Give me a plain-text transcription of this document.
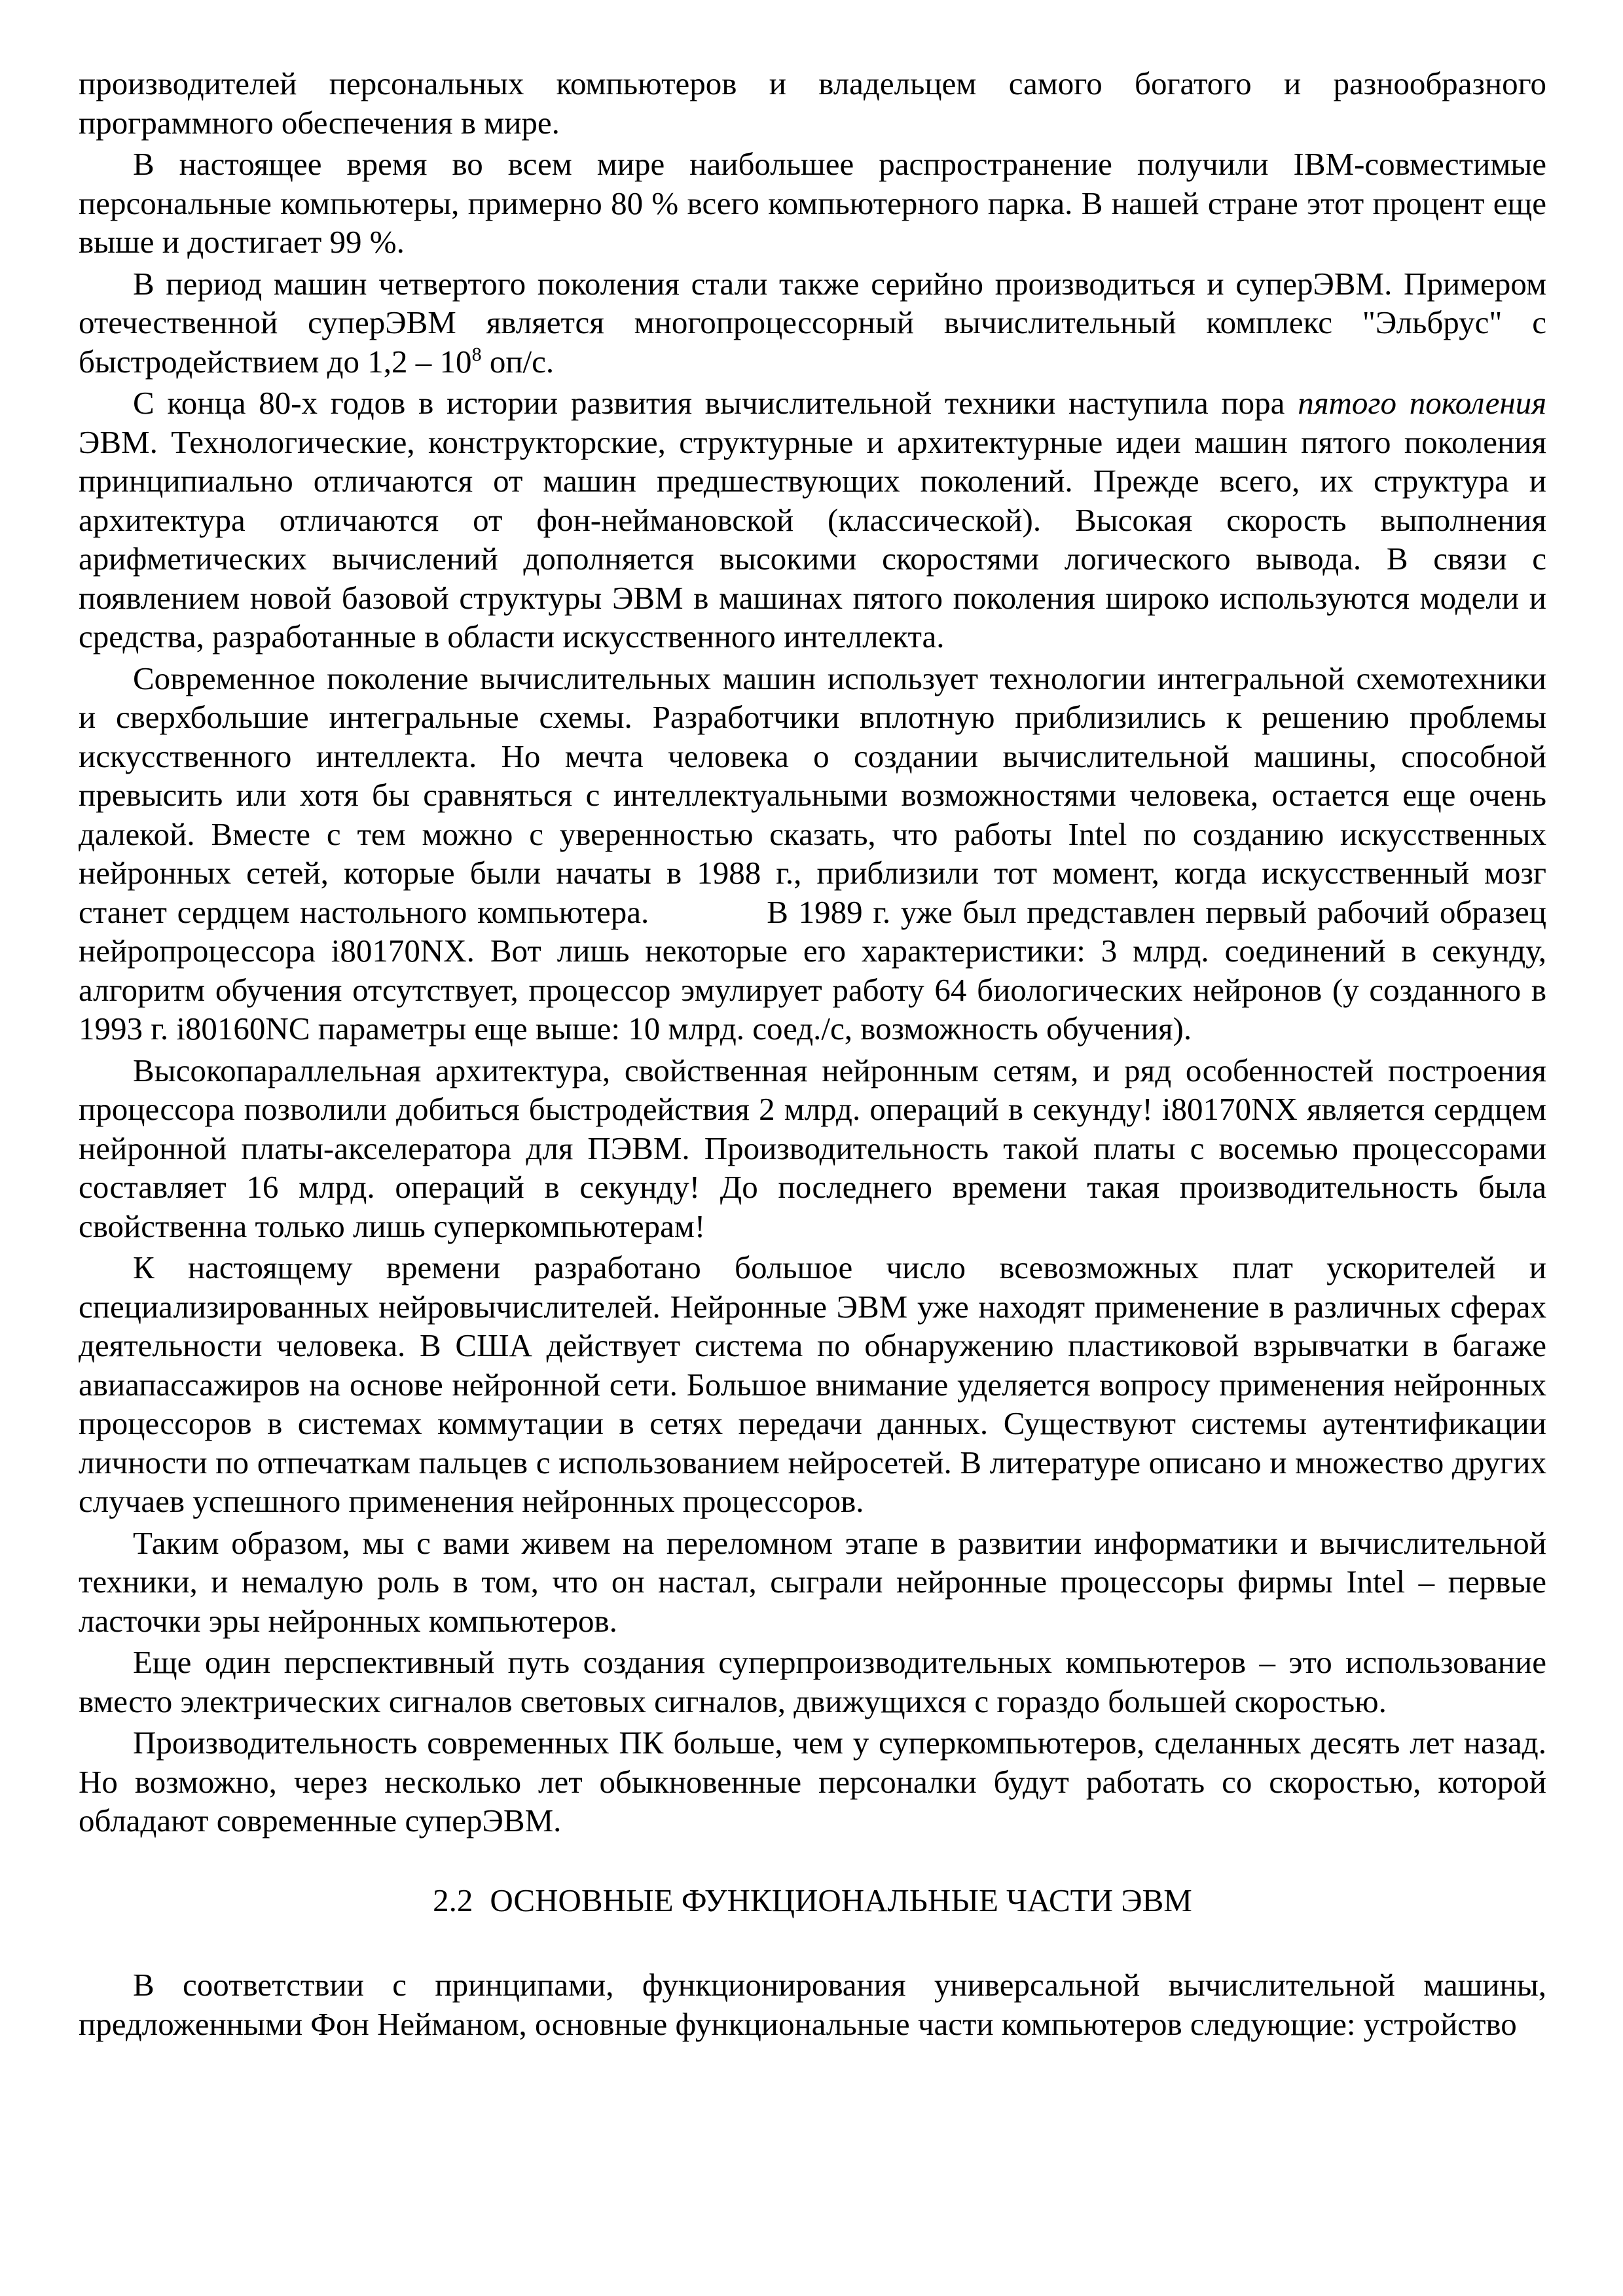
производителей персональных компьютеров и владельцем самого богатого и разнообразного программного обеспечения в мире.

В настоящее время во всем мире наибольшее распространение получили IBM-совместимые персональные компьютеры, примерно 80 % всего компьютерного парка. В нашей стране этот процент еще выше и достигает 99 %.

В период машин четвертого поколения стали также серийно производиться и суперЭВМ. Примером отечественной суперЭВМ является многопроцессорный вычислительный комплекс "Эльбрус" с быстродействием до $1,2 - 10^8$ оп/с.

С конца 80-х годов в истории развития вычислительной техники наступила пора пятого поколения ЭВМ. Технологические, конструкторские, структурные и архитектурные идеи машин пятого поколения принципиально отличаются от машин предшествующих поколений. Прежде всего, их структура и архитектура отличаются от фон-неймановской (классической). Высокая скорость выполнения арифметических вычислений дополняется высокими скоростями логического вывода. В связи с появлением новой базовой структуры ЭВМ в машинах пятого поколения широко используются модели и средства, разработанные в области искусственного интеллекта.

Современное поколение вычислительных машин использует технологии интегральной схемотехники и сверхбольшие интегральные схемы. Разработчики вплотную приблизились к решению проблемы искусственного интеллекта. Но мечта человека о создании вычислительной машины, способной превысить или хотя бы сравняться с интеллектуальными возможностями человека, остается еще очень далекой. Вместе с тем можно с уверенностью сказать, что работы Intel по созданию искусственных нейронных сетей, которые были начаты в 1988 г., приблизили тот момент, когда искусственный мозг станет сердцем настольного компьютера.	В 1989 г. уже был представлен первый рабочий образец нейропроцессора i80170NX. Вот лишь некоторые его характеристики: 3 млрд. соединений в секунду, алгоритм обучения отсутствует, процессор эмулирует работу 64 биологических нейронов (у созданного в 1993 г. i80160NC параметры еще выше: 10 млрд. соед./с, возможность обучения).

Высокопараллельная архитектура, свойственная нейронным сетям, и ряд особенностей построения процессора позволили добиться быстродействия 2 млрд. операций в секунду! i80170NX является сердцем нейронной платы-акселератора для ПЭВМ. Производительность такой платы с восемью процессорами составляет 16 млрд. операций в секунду! До последнего времени такая производительность была свойственна только лишь суперкомпьютерам!

К настоящему времени разработано большое число всевозможных плат ускорителей и специализированных нейровычислителей. Нейронные ЭВМ уже находят применение в различных сферах деятельности человека. В США действует система по обнаружению пластиковой взрывчатки в багаже авиапассажиров на основе нейронной сети. Большое внимание уделяется вопросу применения нейронных процессоров в системах коммутации в сетях передачи данных. Существуют системы аутентификации личности по отпечаткам пальцев с использованием нейросетей. В литературе описано и множество других случаев успешного применения нейронных процессоров.

Таким образом, мы с вами живем на переломном этапе в развитии информатики и вычислительной техники, и немалую роль в том, что он настал, сыграли нейронные процессоры фирмы Intel – первые ласточки эры нейронных компьютеров.

Еще один перспективный путь создания суперпроизводительных компьютеров – это использование вместо электрических сигналов световых сигналов, движущихся с гораздо большей скоростью.

Производительность современных ПК больше, чем у суперкомпьютеров, сделанных десять лет назад. Но возможно, через несколько лет обыкновенные персоналки будут работать со скоростью, которой обладают современные суперЭВМ.

2.2 ОСНОВНЫЕ ФУНКЦИОНАЛЬНЫЕ ЧАСТИ ЭВМ

В соответствии с принципами, функционирования универсальной вычислительной машины, предложенными Фон Нейманом, основные функциональные части компьютеров следующие: устройство
